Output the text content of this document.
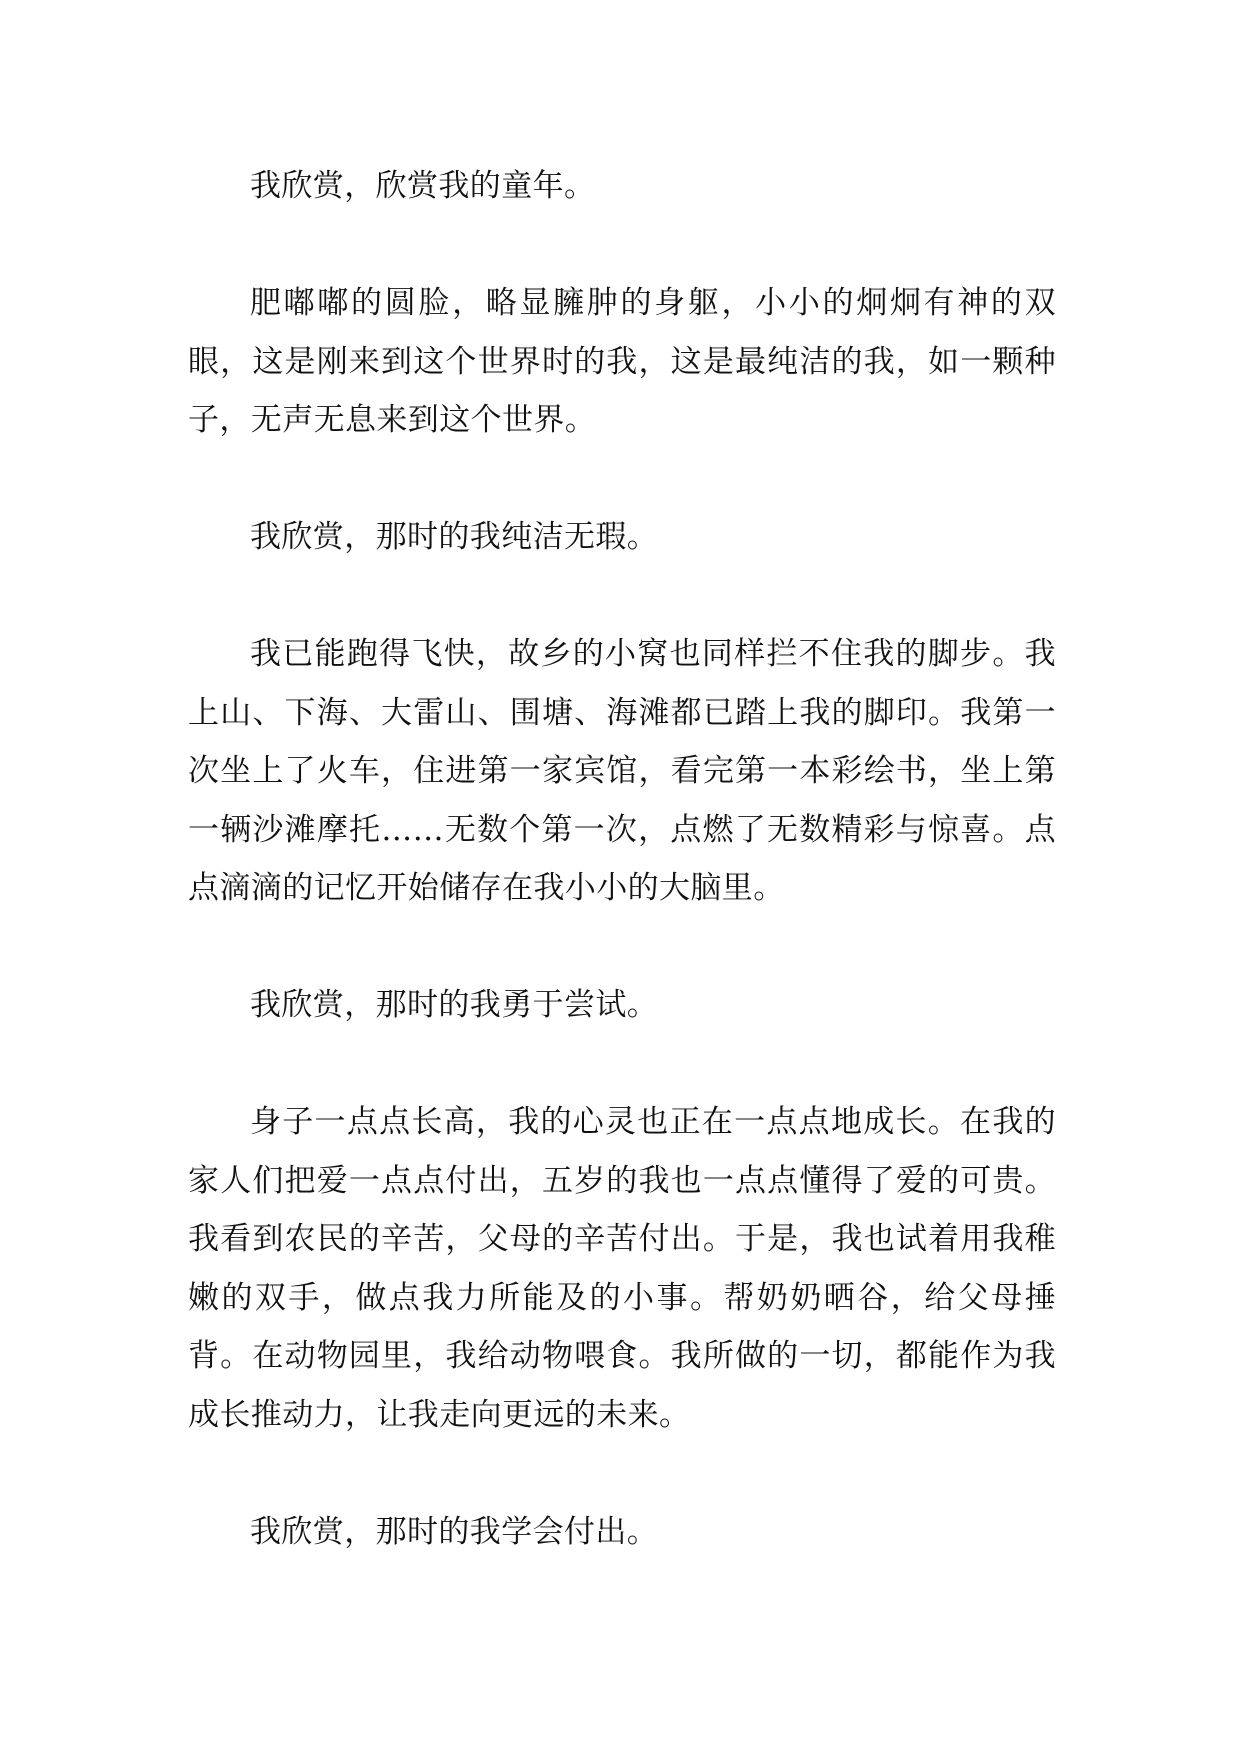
我欣赏，欣赏我的童年。

肥嘟嘟的圆脸，略显臃肿的身躯，小小的炯炯有神的双眼，这是刚来到这个世界时的我，这是最纯洁的我，如一颗种子，无声无息来到这个世界。

我欣赏，那时的我纯洁无瑕。

我已能跑得飞快，故乡的小窝也同样拦不住我的脚步。我上山、下海、大雷山、围塘、海滩都已踏上我的脚印。我第一次坐上了火车，住进第一家宾馆，看完第一本彩绘书，坐上第一辆沙滩摩托……无数个第一次，点燃了无数精彩与惊喜。点点滴滴的记忆开始储存在我小小的大脑里。

我欣赏，那时的我勇于尝试。

身子一点点长高，我的心灵也正在一点点地成长。在我的家人们把爱一点点付出，五岁的我也一点点懂得了爱的可贵。我看到农民的辛苦，父母的辛苦付出。于是，我也试着用我稚嫩的双手，做点我力所能及的小事。帮奶奶晒谷，给父母捶背。在动物园里，我给动物喂食。我所做的一切，都能作为我成长推动力，让我走向更远的未来。

我欣赏，那时的我学会付出。
